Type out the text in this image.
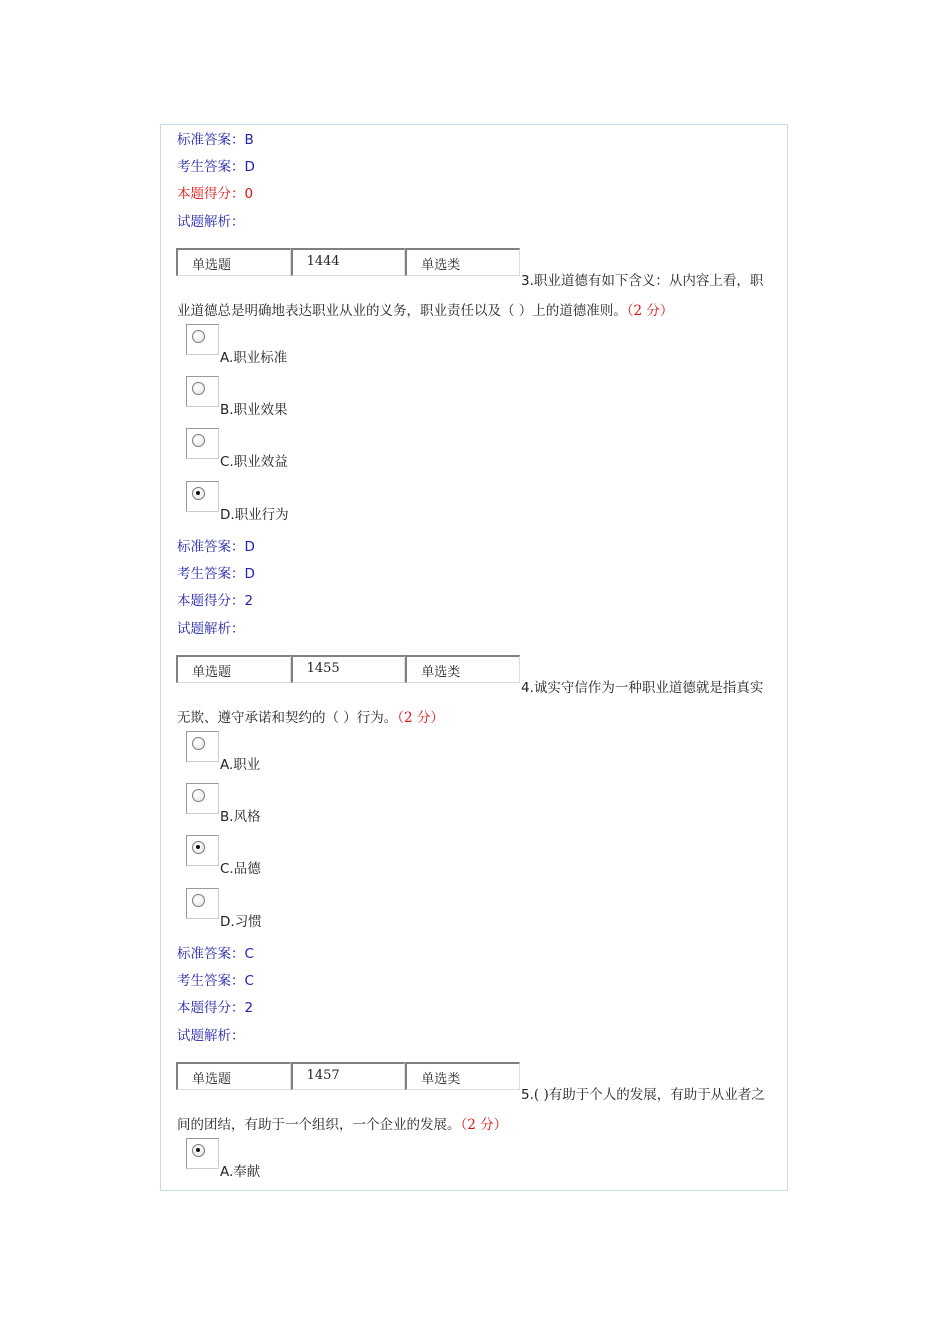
标准答案：B
考生答案：D
本题得分：0
试题解析：
单选题	1444	单选类
3.职业道德有如下含义：从内容上看，职
业道德总是明确地表达职业从业的义务，职业责任以及（ ）上的道德准则。（2 分）
A.职业标准
B.职业效果
C.职业效益
D.职业行为
标准答案：D
考生答案：D
本题得分：2
试题解析：
单选题	1455	单选类
4.诚实守信作为一种职业道德就是指真实
无欺、遵守承诺和契约的（ ）行为。（2 分）
A.职业
B.风格
C.品德
D.习惯
标准答案：C
考生答案：C
本题得分：2
试题解析：
单选题	1457	单选类
5.( )有助于个人的发展，有助于从业者之
间的团结，有助于一个组织，一个企业的发展。（2 分）
A.奉献
